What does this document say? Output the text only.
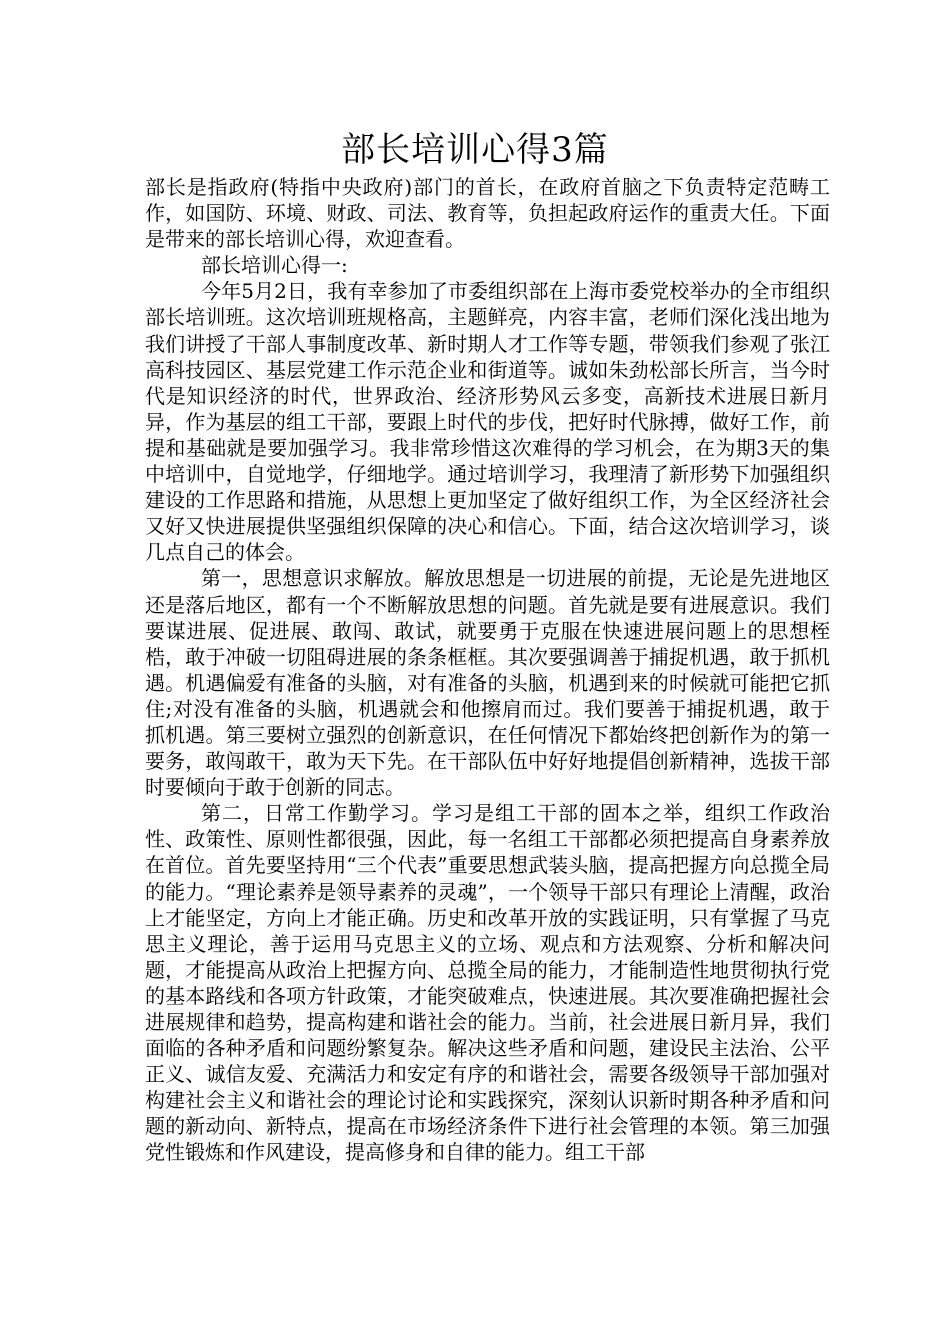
部长培训心得3篇

部长是指政府(特指中央政府)部门的首长，在政府首脑之下负责特定范畴工作，如国防、环境、财政、司法、教育等，负担起政府运作的重责大任。下面是带来的部长培训心得，欢迎查看。

部长培训心得一:

今年5月2日，我有幸参加了市委组织部在上海市委党校举办的全市组织部长培训班。这次培训班规格高，主题鲜亮，内容丰富，老师们深化浅出地为我们讲授了干部人事制度改革、新时期人才工作等专题，带领我们参观了张江高科技园区、基层党建工作示范企业和街道等。诚如朱劲松部长所言，当今时代是知识经济的时代，世界政治、经济形势风云多变，高新技术进展日新月异，作为基层的组工干部，要跟上时代的步伐，把好时代脉搏，做好工作，前提和基础就是要加强学习。我非常珍惜这次难得的学习机会，在为期3天的集中培训中，自觉地学，仔细地学。通过培训学习，我理清了新形势下加强组织建设的工作思路和措施，从思想上更加坚定了做好组织工作，为全区经济社会又好又快进展提供坚强组织保障的决心和信心。下面，结合这次培训学习，谈几点自己的体会。

第一，思想意识求解放。解放思想是一切进展的前提，无论是先进地区还是落后地区，都有一个不断解放思想的问题。首先就是要有进展意识。我们要谋进展、促进展、敢闯、敢试，就要勇于克服在快速进展问题上的思想桎梏，敢于冲破一切阻碍进展的条条框框。其次要强调善于捕捉机遇，敢于抓机遇。机遇偏爱有准备的头脑，对有准备的头脑，机遇到来的时候就可能把它抓住;对没有准备的头脑，机遇就会和他擦肩而过。我们要善于捕捉机遇，敢于抓机遇。第三要树立强烈的创新意识，在任何情况下都始终把创新作为的第一要务，敢闯敢干，敢为天下先。在干部队伍中好好地提倡创新精神，选拔干部时要倾向于敢于创新的同志。

第二，日常工作勤学习。学习是组工干部的固本之举，组织工作政治性、政策性、原则性都很强，因此，每一名组工干部都必须把提高自身素养放在首位。首先要坚持用“三个代表”重要思想武装头脑，提高把握方向总揽全局的能力。“理论素养是领导素养的灵魂”，一个领导干部只有理论上清醒，政治上才能坚定，方向上才能正确。历史和改革开放的实践证明，只有掌握了马克思主义理论，善于运用马克思主义的立场、观点和方法观察、分析和解决问题，才能提高从政治上把握方向、总揽全局的能力，才能制造性地贯彻执行党的基本路线和各项方针政策，才能突破难点，快速进展。其次要准确把握社会进展规律和趋势，提高构建和谐社会的能力。当前，社会进展日新月异，我们面临的各种矛盾和问题纷繁复杂。解决这些矛盾和问题，建设民主法治、公平正义、诚信友爱、充满活力和安定有序的和谐社会，需要各级领导干部加强对构建社会主义和谐社会的理论讨论和实践探究，深刻认识新时期各种矛盾和问题的新动向、新特点，提高在市场经济条件下进行社会管理的本领。第三加强党性锻炼和作风建设，提高修身和自律的能力。组工干部
